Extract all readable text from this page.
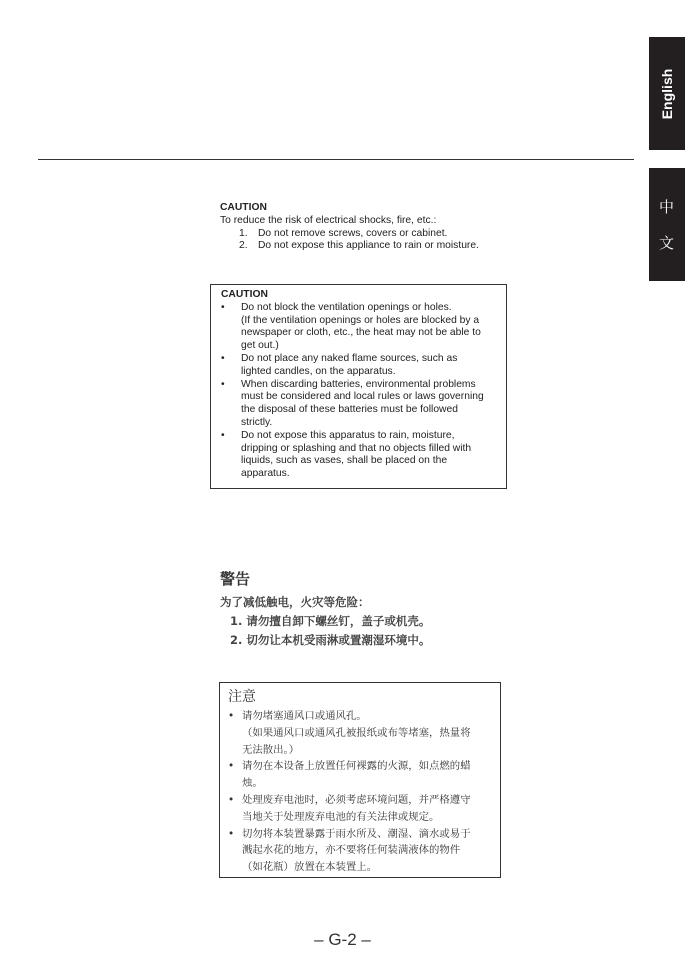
English
中
文
CAUTION
To reduce the risk of electrical shocks, fire, etc.:
1. Do not remove screws, covers or cabinet.
2. Do not expose this appliance to rain or moisture.
CAUTION
•	Do not block the ventilation openings or holes.
(If the ventilation openings or holes are blocked by a
newspaper or cloth, etc., the heat may not be able to
get out.)
•	Do not place any naked flame sources, such as
lighted candles, on the apparatus.
•	When discarding batteries, environmental problems
must be considered and local rules or laws governing
the disposal of these batteries must be followed
strictly.
•	Do not expose this apparatus to rain, moisture,
dripping or splashing and that no objects filled with
liquids, such as vases, shall be placed on the
apparatus.
警告
为了减低触电，火灾等危险：
1. 请勿擅自卸下螺丝钉，盖子或机壳。
2. 切勿让本机受雨淋或置潮湿环境中。
注意
• 请勿堵塞通风口或通风孔。
（如果通风口或通风孔被报纸或布等堵塞，热量将
无法散出。）
• 请勿在本设备上放置任何裸露的火源，如点燃的蜡
烛。
• 处理废弃电池时，必须考虑环境问题，并严格遵守
当地关于处理废弃电池的有关法律或规定。
• 切勿将本装置暴露于雨水所及、潮湿、滴水或易于
溅起水花的地方，亦不要将任何装满液体的物件
（如花瓶）放置在本装置上。
– G-2 –
